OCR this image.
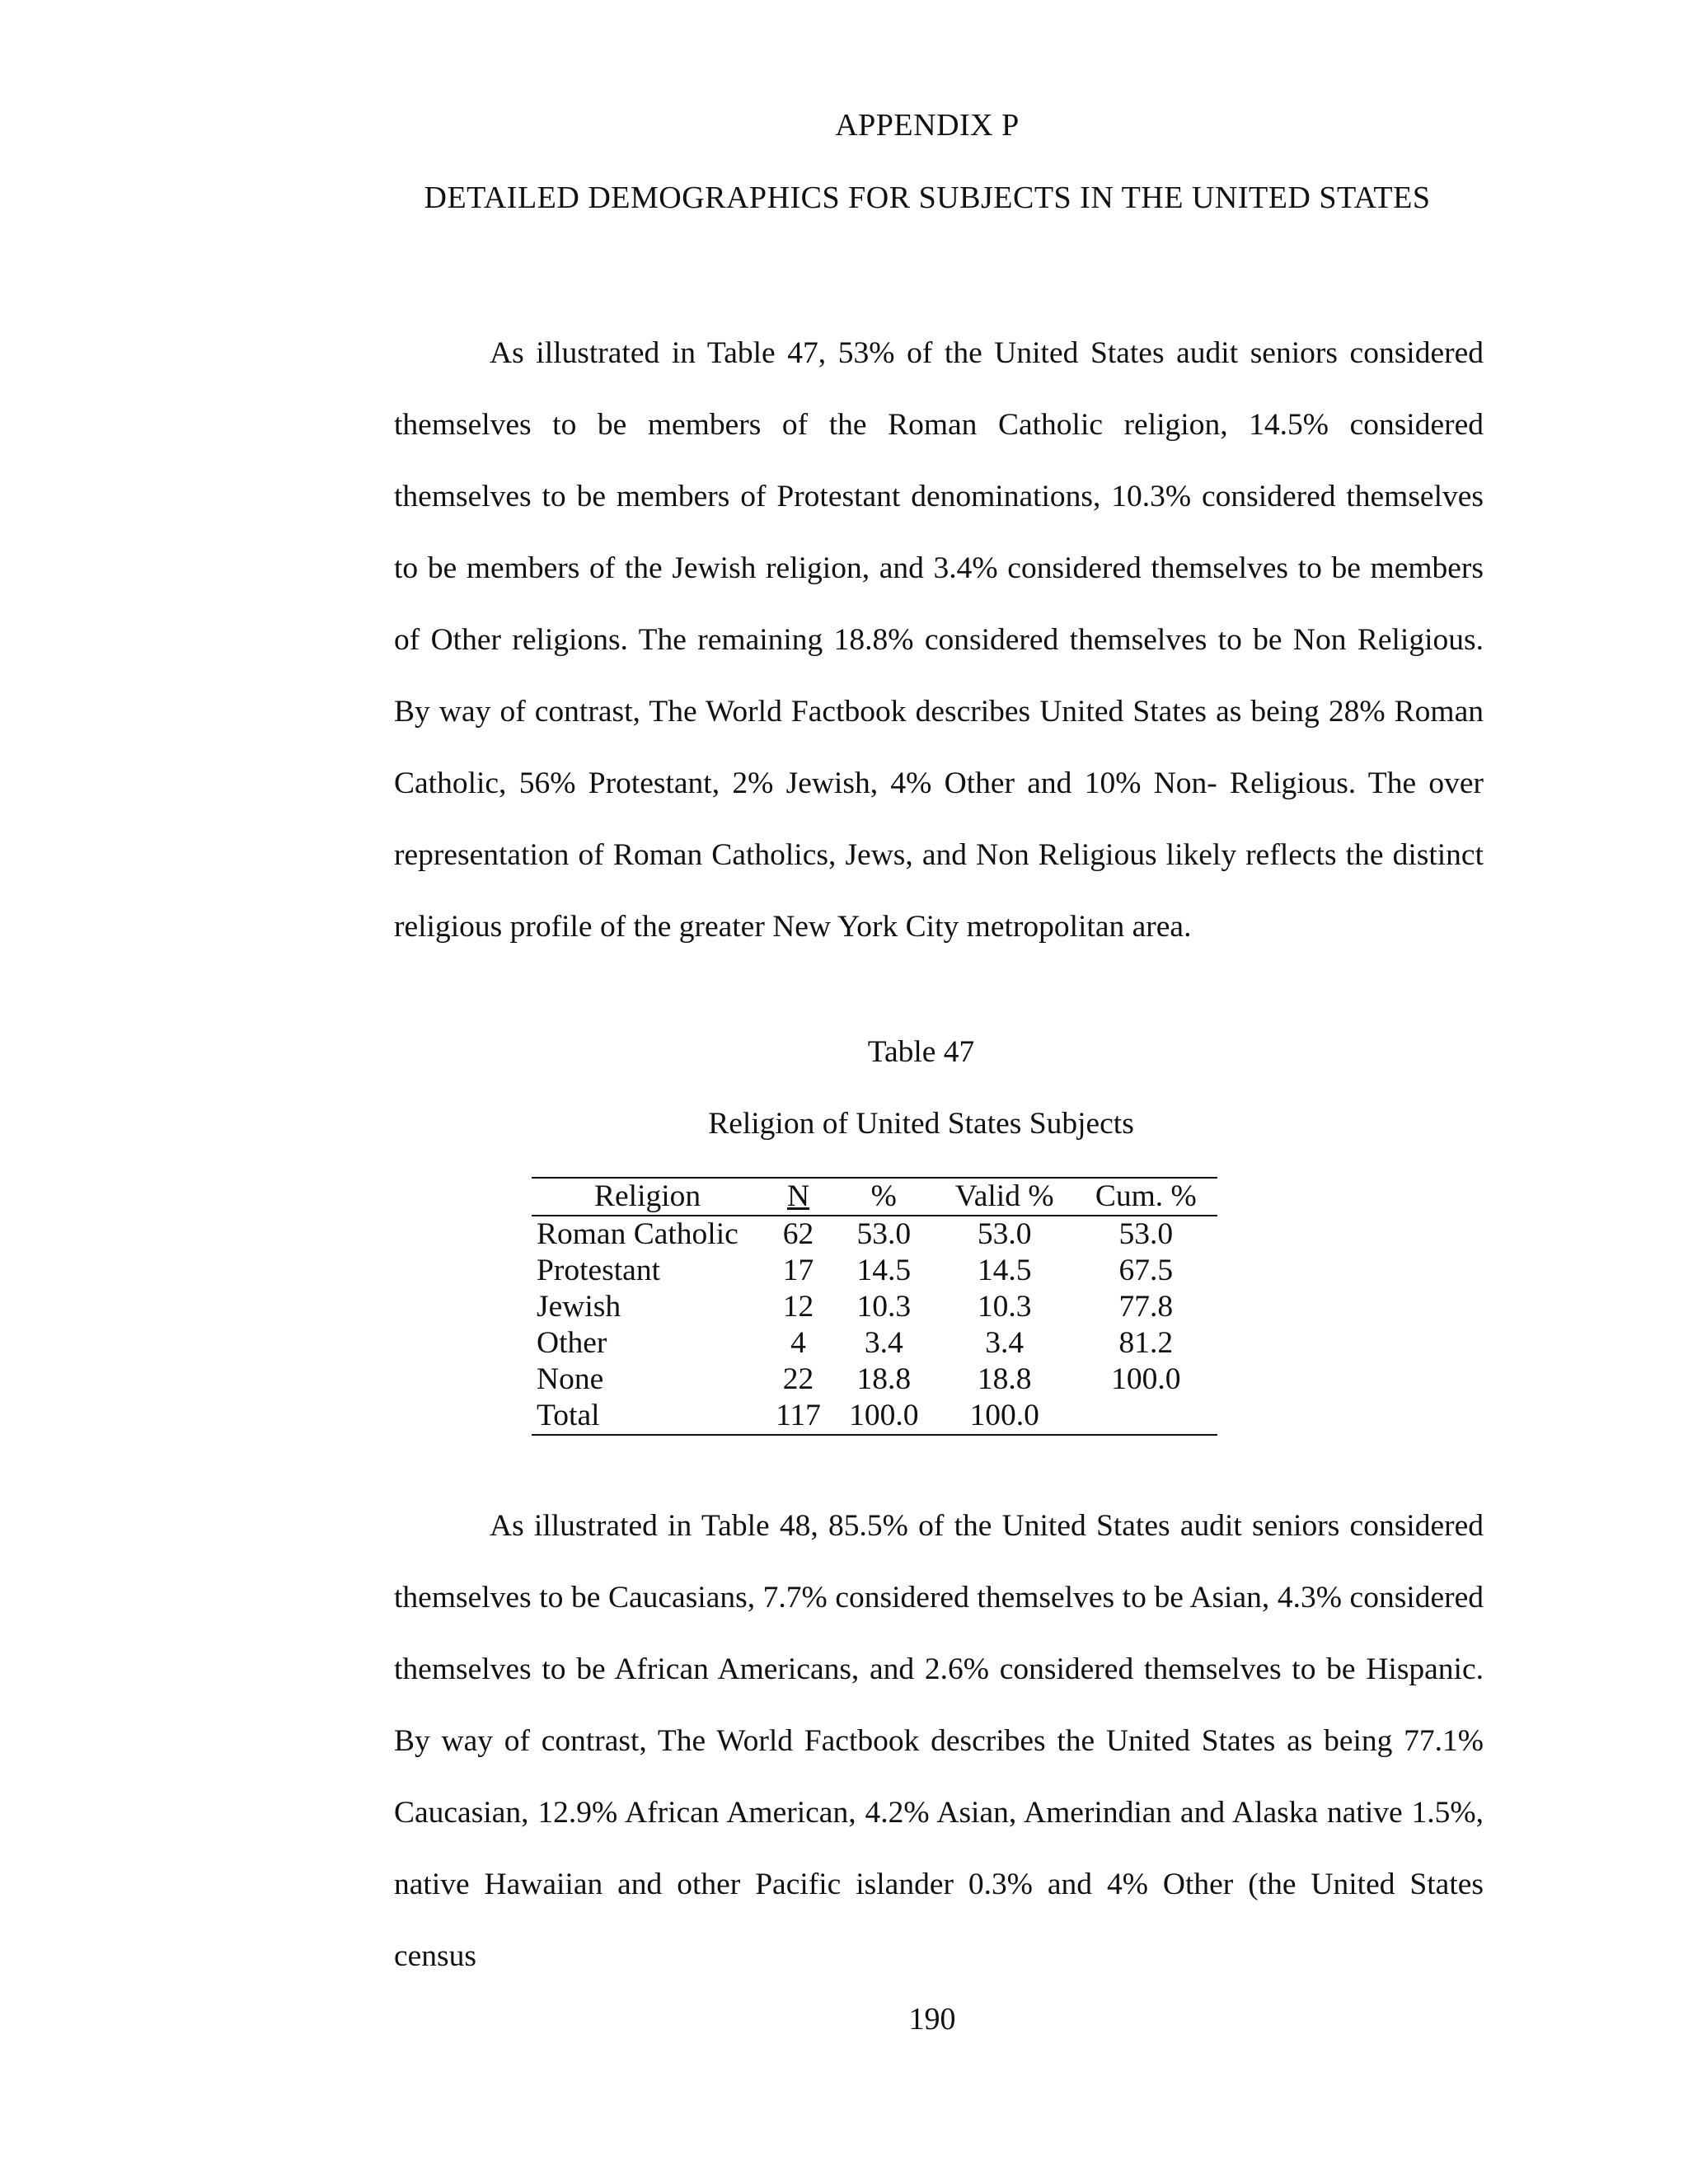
APPENDIX P
DETAILED DEMOGRAPHICS FOR SUBJECTS IN THE UNITED STATES

As illustrated in Table 47, 53% of the United States audit seniors considered themselves to be members of the Roman Catholic religion, 14.5% considered themselves to be members of Protestant denominations, 10.3% considered themselves to be members of the Jewish religion, and 3.4% considered themselves to be members of Other religions. The remaining 18.8% considered themselves to be Non Religious. By way of contrast, The World Factbook describes United States as being 28% Roman Catholic, 56% Protestant, 2% Jewish, 4% Other and 10% Non- Religious. The over representation of Roman Catholics, Jews, and Non Religious likely reflects the distinct religious profile of the greater New York City metropolitan area.

Table 47
Religion of United States Subjects
Religion	N	%	Valid %	Cum. %
Roman Catholic	62	53.0	53.0	53.0
Protestant	17	14.5	14.5	67.5
Jewish	12	10.3	10.3	77.8
Other	4	3.4	3.4	81.2
None	22	18.8	18.8	100.0
Total	117	100.0	100.0	

As illustrated in Table 48, 85.5% of the United States audit seniors considered themselves to be Caucasians, 7.7% considered themselves to be Asian, 4.3% considered themselves to be African Americans, and 2.6% considered themselves to be Hispanic. By way of contrast, The World Factbook describes the United States as being 77.1% Caucasian, 12.9% African American, 4.2% Asian, Amerindian and Alaska native 1.5%, native Hawaiian and other Pacific islander 0.3% and 4% Other (the United States census

190
